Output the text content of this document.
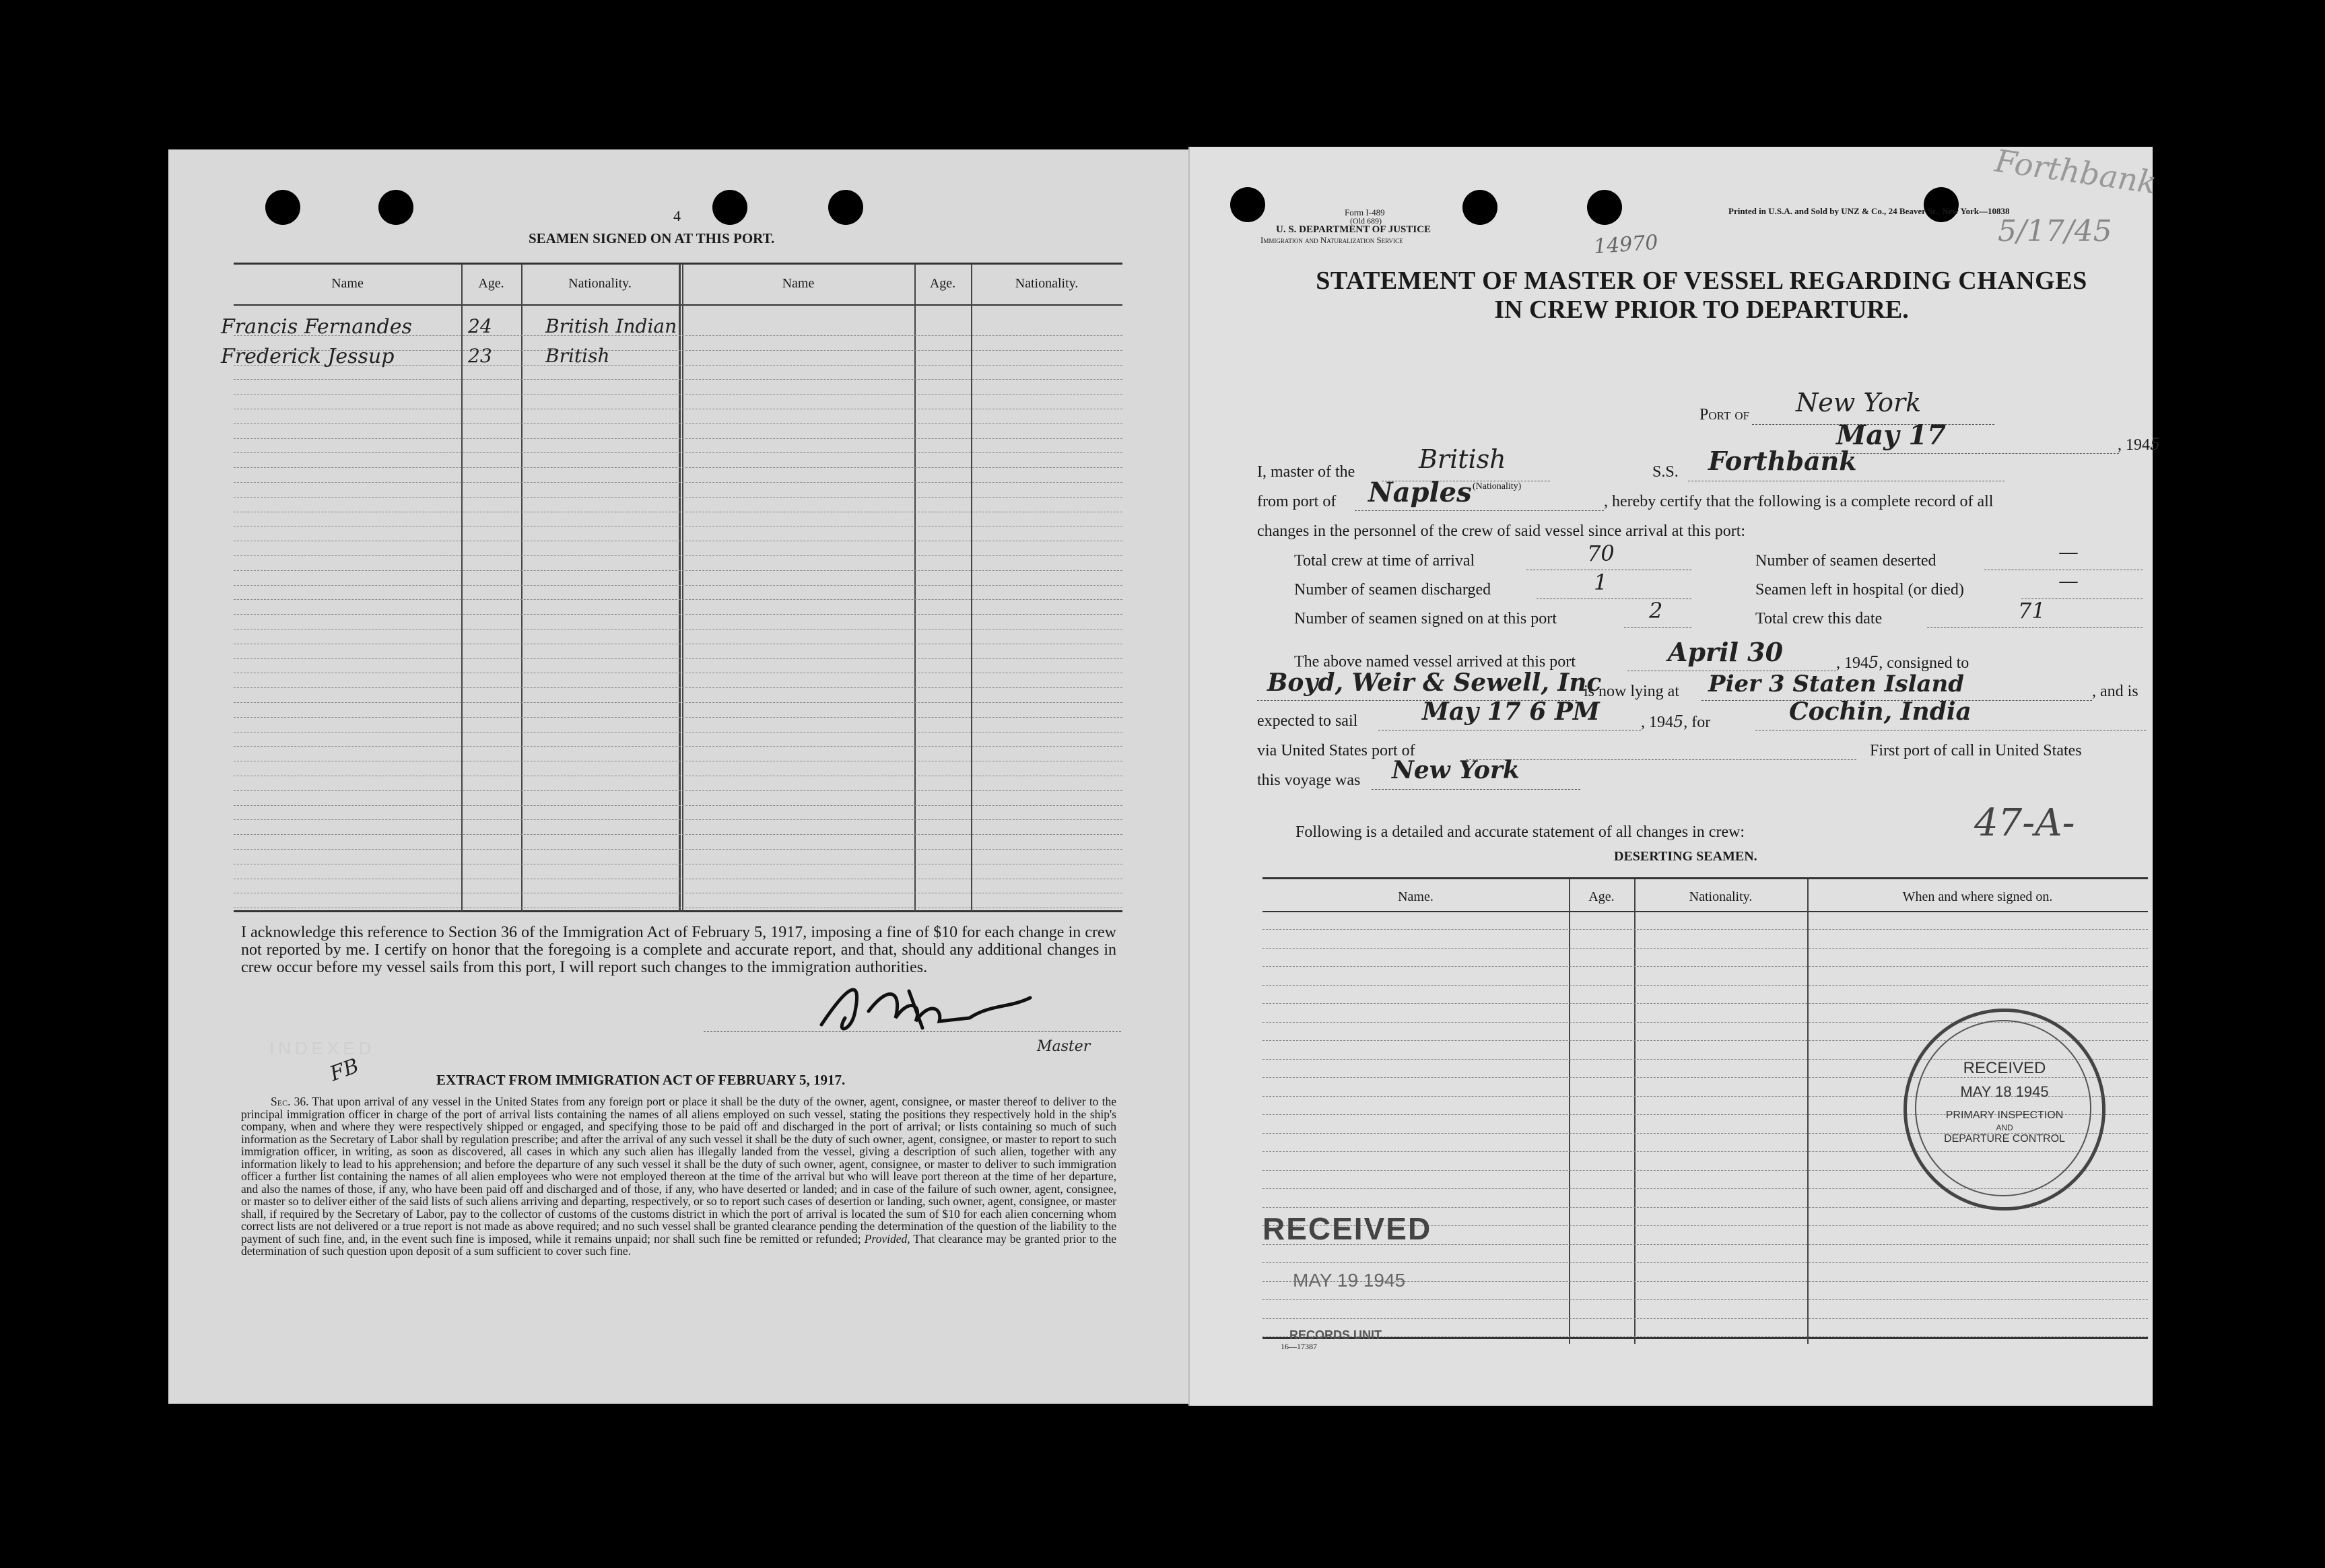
4
SEAMEN SIGNED ON AT THIS PORT.
Name	Age.	Nationality.	Name	Age.	Nationality.
Francis Fernandes	24	British Indian
Frederick Jessup	23	British
I acknowledge this reference to Section 36 of the Immigration Act of February 5, 1917, imposing a fine of $10 for each change in crew not reported by me. I certify on honor that the foregoing is a complete and accurate report, and that, should any additional changes in crew occur before my vessel sails from this port, I will report such changes to the immigration authorities.
Master
INDEXED
FB	EXTRACT FROM IMMIGRATION ACT OF FEBRUARY 5, 1917.
Sec. 36. That upon arrival of any vessel in the United States from any foreign port or place it shall be the duty of the owner, agent, consignee, or master thereof to deliver to the principal immigration officer in charge of the port of arrival lists containing the names of all aliens employed on such vessel, stating the positions they respectively hold in the ship's company, when and where they were respectively shipped or engaged, and specifying those to be paid off and discharged in the port of arrival; or lists containing so much of such information as the Secretary of Labor shall by regulation prescribe; and after the arrival of any such vessel it shall be the duty of such owner, agent, consignee, or master to report to such immigration officer, in writing, as soon as discovered, all cases in which any such alien has illegally landed from the vessel, giving a description of such alien, together with any information likely to lead to his apprehension; and before the departure of any such vessel it shall be the duty of such owner, agent, consignee, or master to deliver to such immigration officer a further list containing the names of all alien employees who were not employed thereon at the time of the arrival but who will leave port thereon at the time of her departure, and also the names of those, if any, who have been paid off and discharged and of those, if any, who have deserted or landed; and in case of the failure of such owner, agent, consignee, or master so to deliver either of the said lists of such aliens arriving and departing, respectively, or so to report such cases of desertion or landing, such owner, agent, consignee, or master shall, if required by the Secretary of Labor, pay to the collector of customs of the customs district in which the port of arrival is located the sum of $10 for each alien concerning whom correct lists are not delivered or a true report is not made as above required; and no such vessel shall be granted clearance pending the determination of the question of the liability to the payment of such fine, and, in the event such fine is imposed, while it remains unpaid; nor shall such fine be remitted or refunded; Provided, That clearance may be granted prior to the determination of such question upon deposit of a sum sufficient to cover such fine.
Form I-489
(Old 689)
U. S. DEPARTMENT OF JUSTICE
Immigration and Naturalization Service
Printed in U.S.A. and Sold by UNZ & Co., 24 Beaver St., New York—10838
Forthbank
5/17/45
14970
STATEMENT OF MASTER OF VESSEL REGARDING CHANGES
IN CREW PRIOR TO DEPARTURE.
Port of New York
May 17	, 1945
I, master of the British
(Nationality)
S.S. Forthbank
from port of Naples	, hereby certify that the following is a complete record of all
changes in the personnel of the crew of said vessel since arrival at this port:
Total crew at time of arrival	70	Number of seamen deserted	—
Number of seamen discharged	1	Seamen left in hospital (or died)	—
Number of seamen signed on at this port	2	Total crew this date	71
The above named vessel arrived at this port	April 30	, 1945, consigned to
Boyd, Weir & Sewell, Inc
is now lying at Pier 3 Staten Island	, and is
expected to sail	May 17 6 PM	, 1945, for	Cochin, India
via United States port of	First port of call in United States
this voyage was New York
Following is a detailed and accurate statement of all changes in crew:	47-A-
DESERTING SEAMEN.
Name.	Age.	Nationality.	When and where signed on.
RECEIVED
MAY 18 1945
PRIMARY INSPECTION
AND
DEPARTURE CONTROL
RECEIVED
MAY 19 1945
RECORDS UNIT
16—17387
